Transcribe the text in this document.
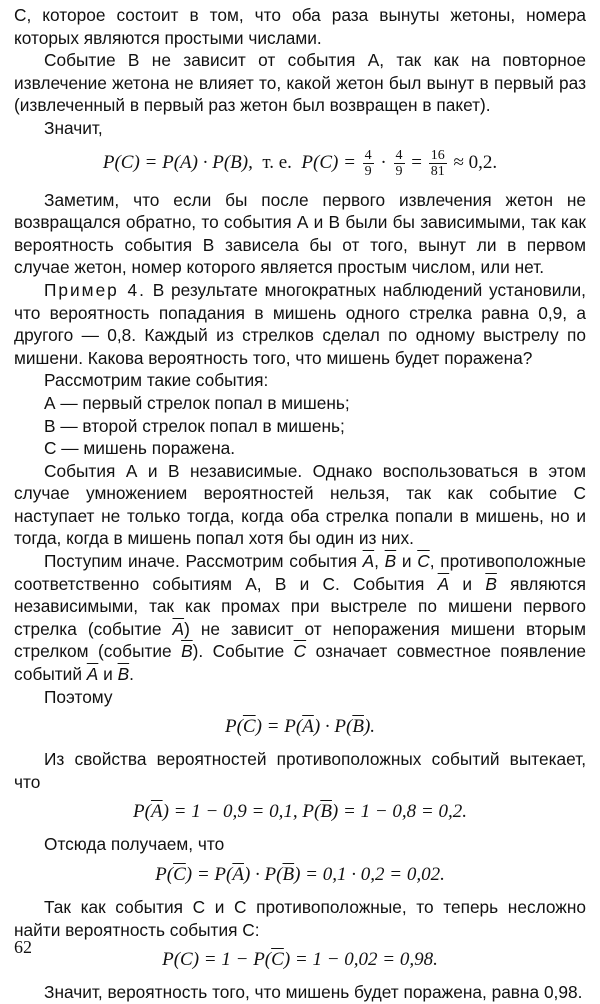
С, которое состоит в том, что оба раза вынуты жетоны, номера которых являются простыми числами.

Событие В не зависит от события А, так как на повторное извлечение жетона не влияет то, какой жетон был вынут в первый раз (извлеченный в первый раз жетон был возвращен в пакет).

Значит,

P(C) = P(A) · P(B), т. е. $P(C) = \frac{4}{9} \cdot \frac{4}{9} = \frac{16}{81} \approx 0,2$.

Заметим, что если бы после первого извлечения жетон не возвращался обратно, то события А и В были бы зависимыми, так как вероятность события В зависела бы от того, вынут ли в первом случае жетон, номер которого является простым числом, или нет.

Пример 4. В результате многократных наблюдений установили, что вероятность попадания в мишень одного стрелка равна 0,9, а другого — 0,8. Каждый из стрелков сделал по одному выстрелу по мишени. Какова вероятность того, что мишень будет поражена?

Рассмотрим такие события:

А — первый стрелок попал в мишень;

В — второй стрелок попал в мишень;

С — мишень поражена.

События А и В независимые. Однако воспользоваться в этом случае умножением вероятностей нельзя, так как событие С наступает не только тогда, когда оба стрелка попали в мишень, но и тогда, когда в мишень попал хотя бы один из них.

Поступим иначе. Рассмотрим события А, В и С, противоположные соответственно событиям А, В и С. События А и В являются независимыми, так как промах при выстреле по мишени первого стрелка (событие А) не зависит от непоражения мишени вторым стрелком (событие В). Событие С означает совместное появление событий А и В.

Поэтому

P(С) = P(А) · P(В).

Из свойства вероятностей противоположных событий вытекает, что

P(А) = 1 − 0,9 = 0,1, P(В) = 1 − 0,8 = 0,2.

Отсюда получаем, что

P(С) = P(А) · P(В) = 0,1 · 0,2 = 0,02.

Так как события С и С противоположные, то теперь несложно найти вероятность события С:

P(C) = 1 − P(С) = 1 − 0,02 = 0,98.

Значит, вероятность того, что мишень будет поражена, равна 0,98.

62
